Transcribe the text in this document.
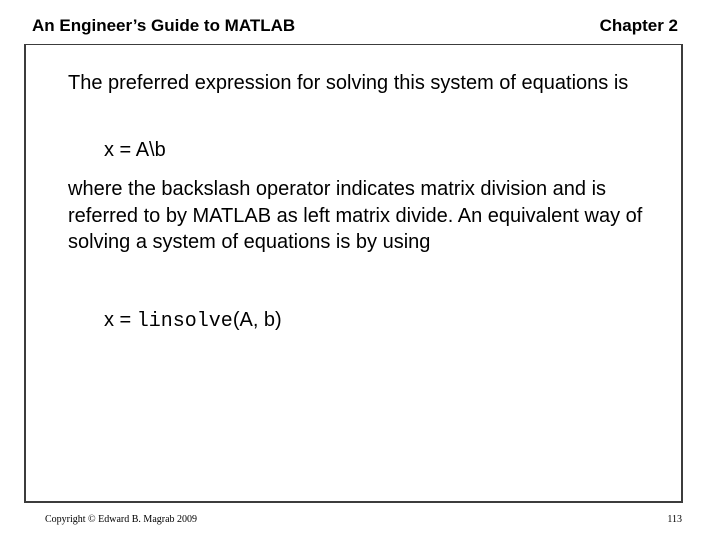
An Engineer’s Guide to MATLAB	Chapter 2
The preferred expression for solving this system of equations is
x = A\b
where the backslash operator indicates matrix division and is referred to by MATLAB as left matrix divide. An equivalent way of solving a system of equations is by using
x = linsolve(A, b)
Copyright © Edward B. Magrab 2009	113
